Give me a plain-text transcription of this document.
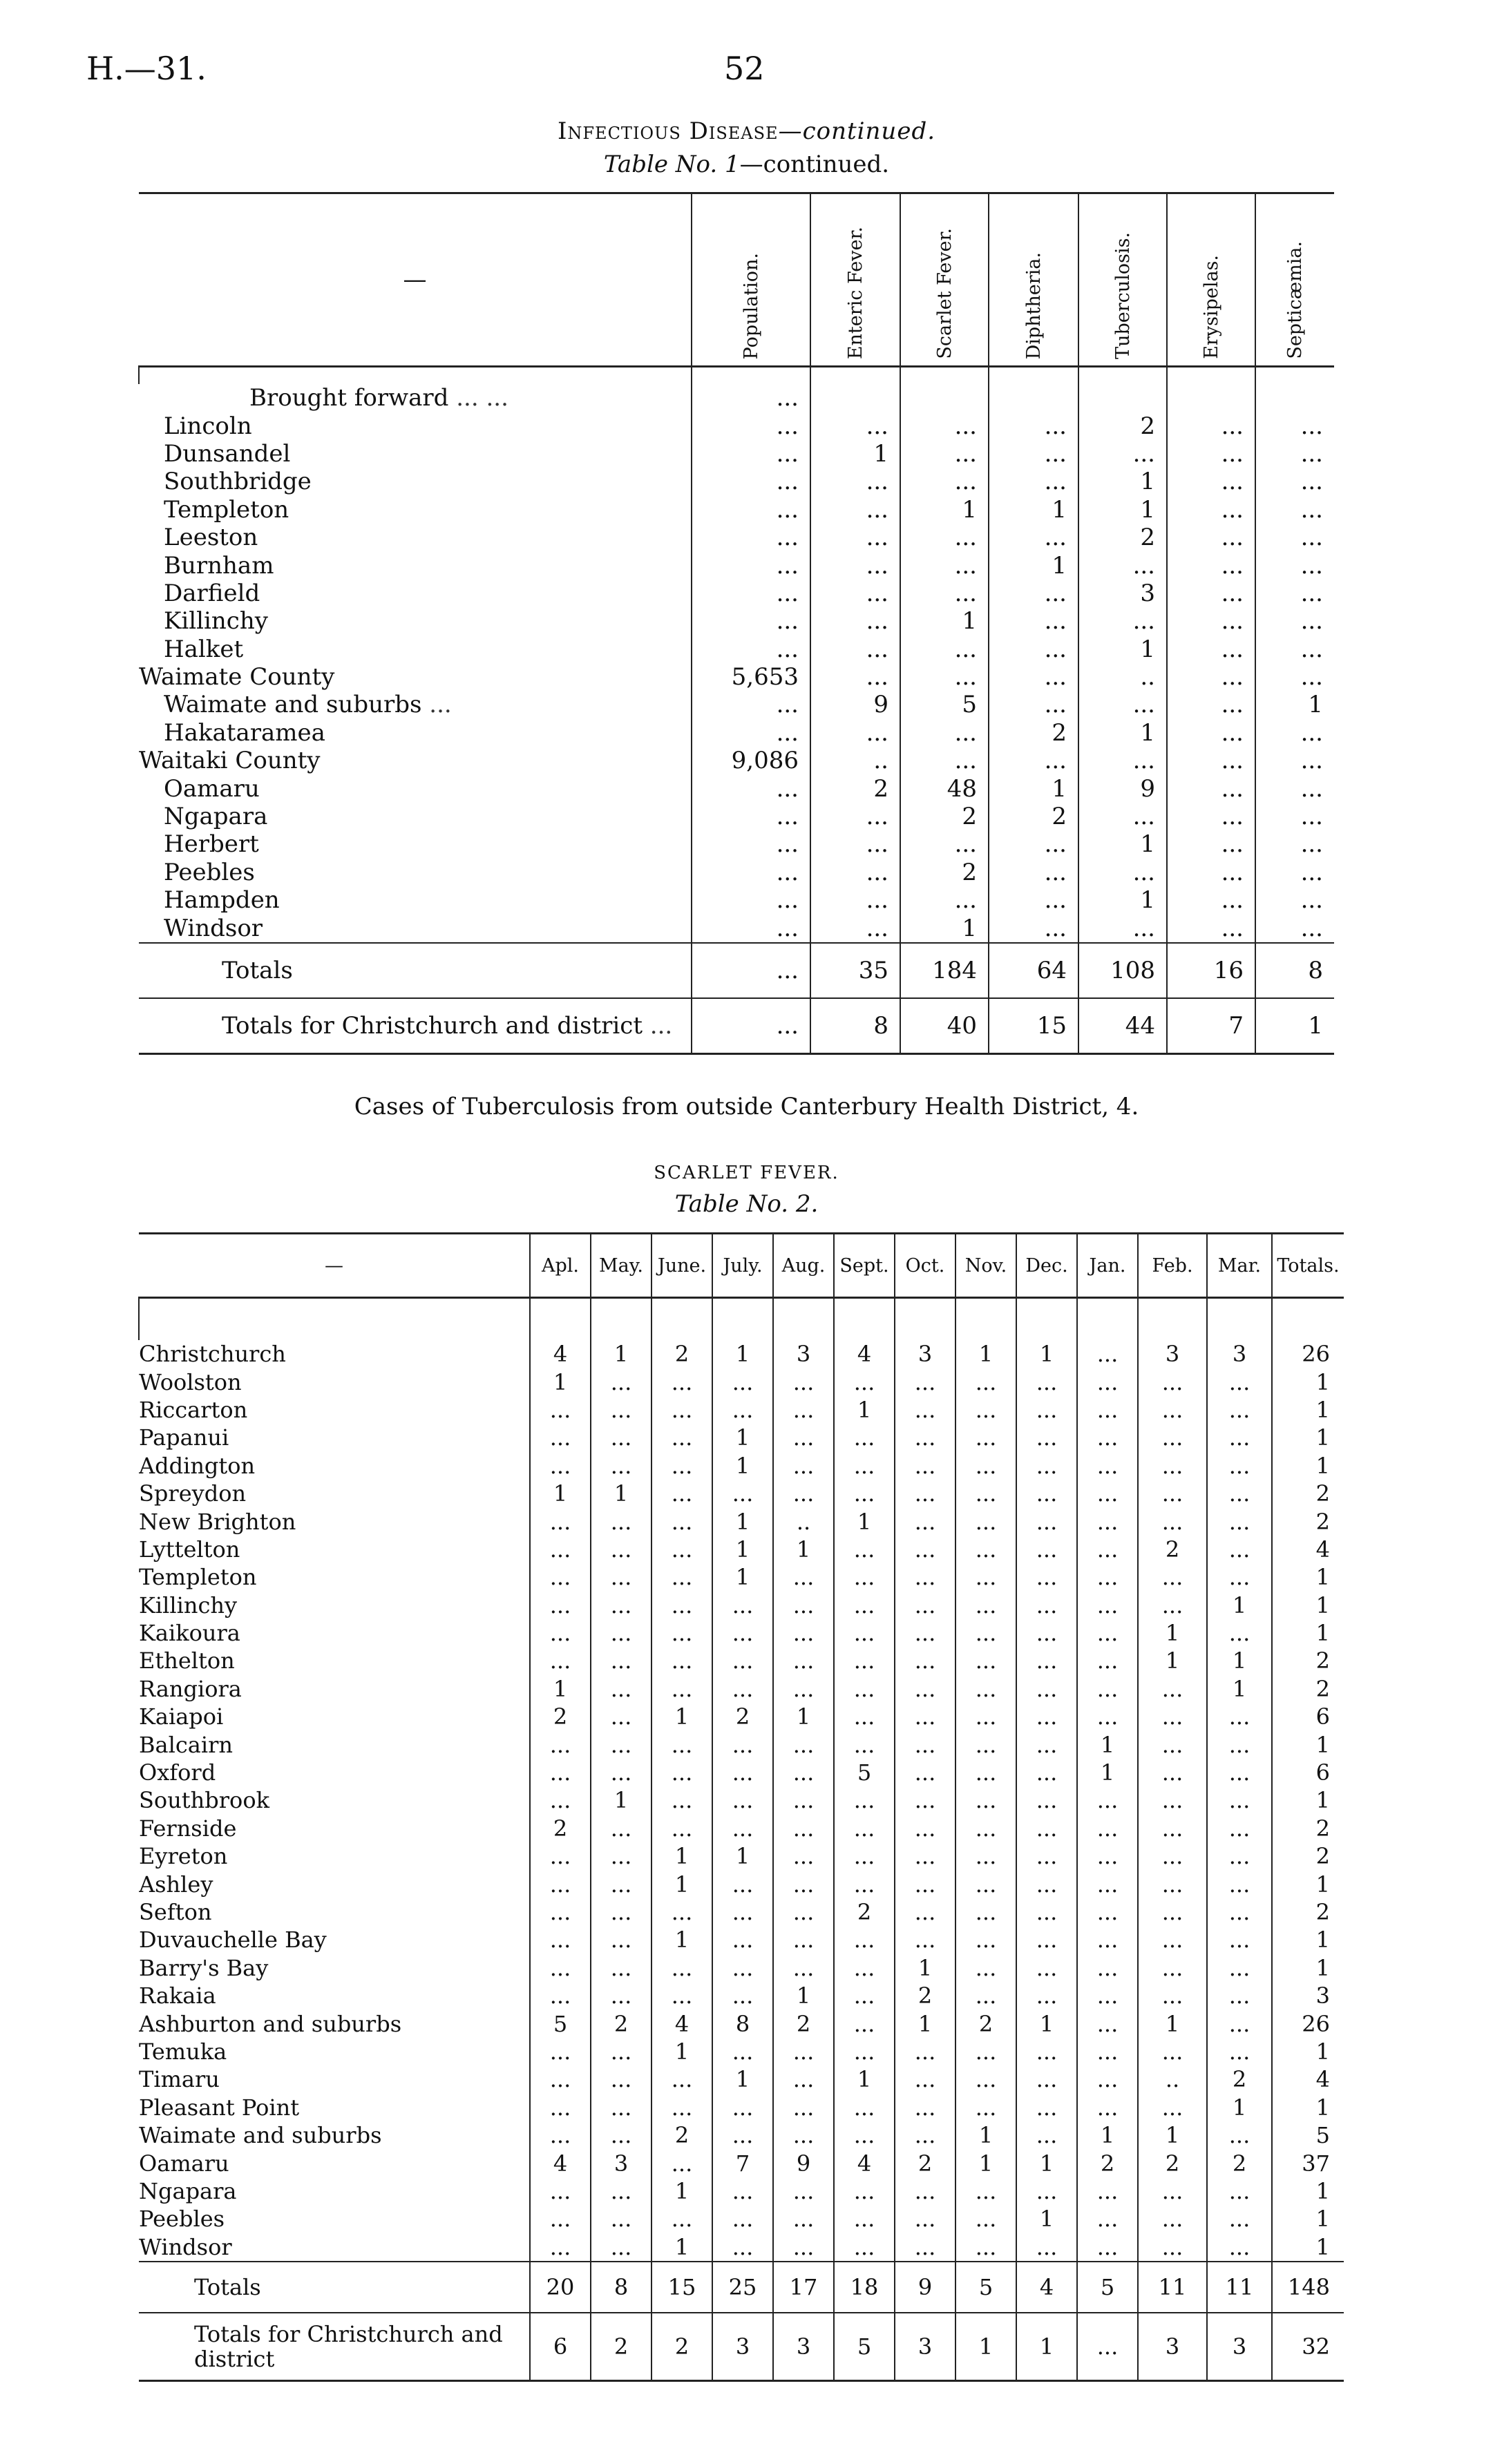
H.—31.	52
Infectious Disease—continued.
Table No. 1—continued.
—	Population.	Enteric Fever.	Scarlet Fever.	Diphtheria.	Tuberculosis.	Erysipelas.	Septicæmia.

Brought forward ... ...	...						
Lincoln	...	...	...	...	2	...	...
Dunsandel	...	1	...	...	...	...	...
Southbridge	...	...	...	...	1	...	...
Templeton	...	...	1	1	1	...	...
Leeston	...	...	...	...	2	...	...
Burnham	...	...	...	1	...	...	...
Darfield	...	...	...	...	3	...	...
Killinchy	...	...	1	...	...	...	...
Halket	...	...	...	...	1	...	...
Waimate County	5,653	...	...	...	..	...	...
Waimate and suburbs ...	...	9	5	...	...	...	1
Hakataramea	...	...	...	2	1	...	...
Waitaki County	9,086	..	...	...	...	...	...
Oamaru	...	2	48	1	9	...	...
Ngapara	...	...	2	2	...	...	...
Herbert	...	...	...	...	1	...	...
Peebles	...	...	2	...	...	...	...
Hampden	...	...	...	...	1	...	...
Windsor	...	...	1	...	...	...	...
Totals	...	35	184	64	108	16	8
Totals for Christchurch and district ...	...	8	40	15	44	7	1
Cases of Tuberculosis from outside Canterbury Health District, 4.
SCARLET FEVER.
Table No. 2.
—	Apl.	May.	June.	July.	Aug.	Sept.	Oct.	Nov.	Dec.	Jan.	Feb.	Mar.	Totals.

Christchurch	4	1	2	1	3	4	3	1	1	...	3	3	26
Woolston	1	...	...	...	...	...	...	...	...	...	...	...	1
Riccarton	...	...	...	...	...	1	...	...	...	...	...	...	1
Papanui	...	...	...	1	...	...	...	...	...	...	...	...	1
Addington	...	...	...	1	...	...	...	...	...	...	...	...	1
Spreydon	1	1	...	...	...	...	...	...	...	...	...	...	2
New Brighton	...	...	...	1	..	1	...	...	...	...	...	...	2
Lyttelton	...	...	...	1	1	...	...	...	...	...	2	...	4
Templeton	...	...	...	1	...	...	...	...	...	...	...	...	1
Killinchy	...	...	...	...	...	...	...	...	...	...	...	1	1
Kaikoura	...	...	...	...	...	...	...	...	...	...	1	...	1
Ethelton	...	...	...	...	...	...	...	...	...	...	1	1	2
Rangiora	1	...	...	...	...	...	...	...	...	...	...	1	2
Kaiapoi	2	...	1	2	1	...	...	...	...	...	...	...	6
Balcairn	...	...	...	...	...	...	...	...	...	1	...	...	1
Oxford	...	...	...	...	...	5	...	...	...	1	...	...	6
Southbrook	...	1	...	...	...	...	...	...	...	...	...	...	1
Fernside	2	...	...	...	...	...	...	...	...	...	...	...	2
Eyreton	...	...	1	1	...	...	...	...	...	...	...	...	2
Ashley	...	...	1	...	...	...	...	...	...	...	...	...	1
Sefton	...	...	...	...	...	2	...	...	...	...	...	...	2
Duvauchelle Bay	...	...	1	...	...	...	...	...	...	...	...	...	1
Barry's Bay	...	...	...	...	...	...	1	...	...	...	...	...	1
Rakaia	...	...	...	...	1	...	2	...	...	...	...	...	3
Ashburton and suburbs	5	2	4	8	2	...	1	2	1	...	1	...	26
Temuka	...	...	1	...	...	...	...	...	...	...	...	...	1
Timaru	...	...	...	1	...	1	...	...	...	...	..	2	4
Pleasant Point	...	...	...	...	...	...	...	...	...	...	...	1	1
Waimate and suburbs	...	...	2	...	...	...	...	1	...	1	1	...	5
Oamaru	4	3	...	7	9	4	2	1	1	2	2	2	37
Ngapara	...	...	1	...	...	...	...	...	...	...	...	...	1
Peebles	...	...	...	...	...	...	...	...	1	...	...	...	1
Windsor	...	...	1	...	...	...	...	...	...	...	...	...	1
Totals	20	8	15	25	17	18	9	5	4	5	11	11	148
Totals for Christchurch and district	6	2	2	3	3	5	3	1	1	...	3	3	32
